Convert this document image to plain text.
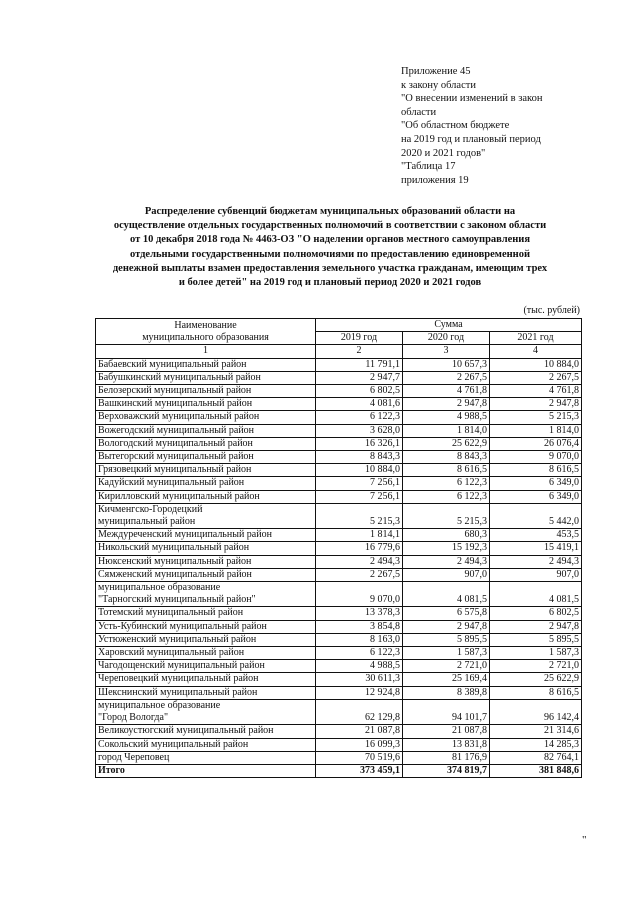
Приложение 45
к закону области
"О внесении изменений в закон
области
"Об областном бюджете
на 2019 год и плановый период
2020 и 2021 годов"
"Таблица 17
приложения 19
Распределение субвенций бюджетам муниципальных образований области на
осуществление отдельных государственных полномочий в соответствии с законом области
от 10 декабря 2018 года № 4463-ОЗ "О наделении органов местного самоуправления
отдельными государственными полномочиями по предоставлению единовременной
денежной выплаты взамен предоставления земельного участка гражданам, имеющим трех
и более детей" на 2019 год и плановый период 2020 и 2021 годов
(тыс. рублей)
Наименование
муниципального образования	Сумма		
	2019 год	2020 год	2021 год
1	2	3	4

Бабаевский муниципальный район	11 791,1	10 657,3	10 884,0

Бабушкинский муниципальный район	2 947,7	2 267,5	2 267,5

Белозерский муниципальный район	6 802,5	4 761,8	4 761,8

Вашкинский муниципальный район	4 081,6	2 947,8	2 947,8

Верховажский муниципальный район	6 122,3	4 988,5	5 215,3

Вожегодский муниципальный район	3 628,0	1 814,0	1 814,0

Вологодский муниципальный район	16 326,1	25 622,9	26 076,4

Вытегорский муниципальный район	8 843,3	8 843,3	9 070,0

Грязовецкий муниципальный район	10 884,0	8 616,5	8 616,5

Кадуйский муниципальный район	7 256,1	6 122,3	6 349,0

Кирилловский муниципальный район	7 256,1	6 122,3	6 349,0

Кичменгско-Городецкий
муниципальный район	5 215,3	5 215,3	5 442,0

Междуреченский муниципальный район	1 814,1	680,3	453,5

Никольский муниципальный район	16 779,6	15 192,3	15 419,1

Нюксенский муниципальный район	2 494,3	2 494,3	2 494,3

Сямженский муниципальный район	2 267,5	907,0	907,0

муниципальное образование
"Тарногский муниципальный район"	9 070,0	4 081,5	4 081,5

Тотемский муниципальный район	13 378,3	6 575,8	6 802,5

Усть-Кубинский муниципальный район	3 854,8	2 947,8	2 947,8

Устюженский муниципальный район	8 163,0	5 895,5	5 895,5

Харовский муниципальный район	6 122,3	1 587,3	1 587,3

Чагодощенский муниципальный район	4 988,5	2 721,0	2 721,0

Череповецкий муниципальный район	30 611,3	25 169,4	25 622,9

Шекснинский муниципальный район	12 924,8	8 389,8	8 616,5

муниципальное образование
"Город Вологда"	62 129,8	94 101,7	96 142,4

Великоустюгский муниципальный район	21 087,8	21 087,8	21 314,6

Сокольский муниципальный район	16 099,3	13 831,8	14 285,3

город Череповец	70 519,6	81 176,9	82 764,1
Итого	373 459,1	374 819,7	381 848,6
"
